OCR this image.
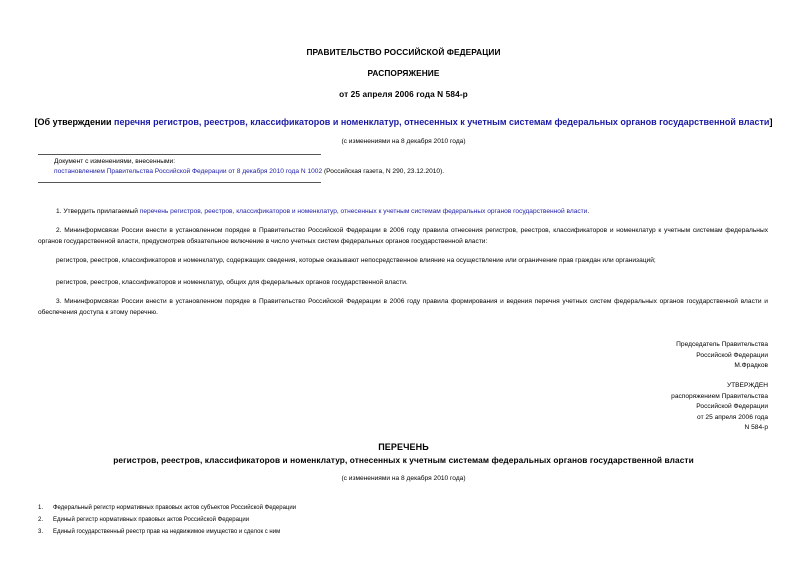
ПРАВИТЕЛЬСТВО РОССИЙСКОЙ ФЕДЕРАЦИИ
РАСПОРЯЖЕНИЕ
от 25 апреля 2006 года N 584-р
[Об утверждении перечня регистров, реестров, классификаторов и номенклатур, отнесенных к учетным системам федеральных органов государственной власти]
(с изменениями на 8 декабря 2010 года)
Документ с изменениями, внесенными:
постановлением Правительства Российской Федерации от 8 декабря 2010 года N 1002 (Российская газета, N 290, 23.12.2010).
1. Утвердить прилагаемый перечень регистров, реестров, классификаторов и номенклатур, отнесенных к учетным системам федеральных органов государственной власти.
2. Мининформсвязи России внести в установленном порядке в Правительство Российской Федерации в 2006 году правила отнесения регистров, реестров, классификаторов и номенклатур к учетным системам федеральных органов государственной власти, предусмотрев обязательное включение в число учетных систем федеральных органов государственной власти:
регистров, реестров, классификаторов и номенклатур, содержащих сведения, которые оказывают непосредственное влияние на осуществление или ограничение прав граждан или организаций;
регистров, реестров, классификаторов и номенклатур, общих для федеральных органов государственной власти.
3. Мининформсвязи России внести в установленном порядке в Правительство Российской Федерации в 2006 году правила формирования и ведения перечня учетных систем федеральных органов государственной власти и обеспечения доступа к этому перечню.
Председатель Правительства
Российской Федерации
М.Фрадков
УТВЕРЖДЕН
распоряжением Правительства
Российской Федерации
от 25 апреля 2006 года
N 584-р
ПЕРЕЧЕНЬ
регистров, реестров, классификаторов и номенклатур, отнесенных к учетным системам федеральных органов государственной власти
(с изменениями на 8 декабря 2010 года)
1. Федеральный регистр нормативных правовых актов субъектов Российской Федерации
2. Единый регистр нормативных правовых актов Российской Федерации
3. Единый государственный реестр прав на недвижимое имущество и сделок с ним
